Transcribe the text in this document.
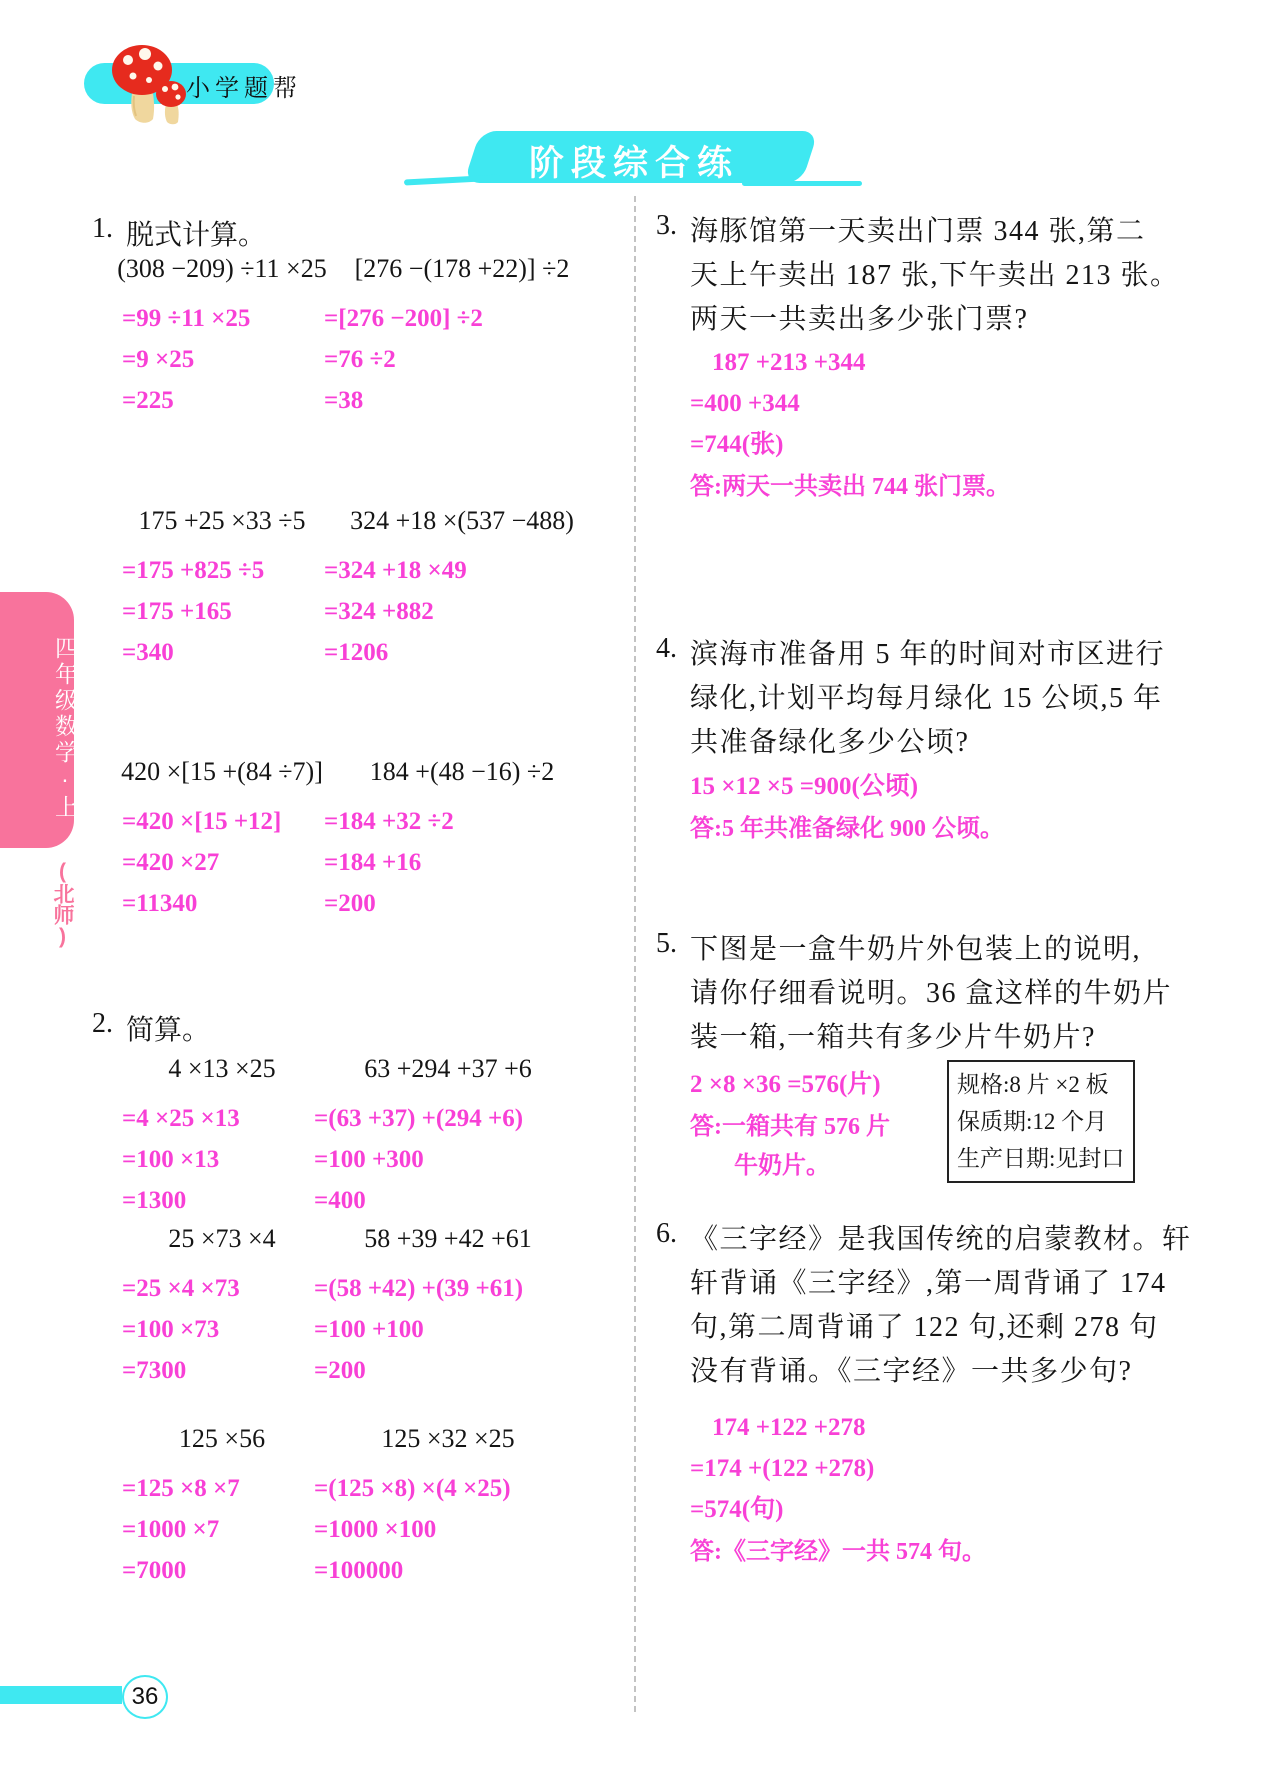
小学题帮
阶段综合练
四年级数学·上
(北师)
1. 脱式计算。
(308 −209) ÷11 ×25
=99 ÷11 ×25
=9 ×25
=225
[276 −(178 +22)] ÷2
=[276 −200] ÷2
=76 ÷2
=38
175 +25 ×33 ÷5
=175 +825 ÷5
=175 +165
=340
324 +18 ×(537 −488)
=324 +18 ×49
=324 +882
=1206
420 ×[15 +(84 ÷7)]
=420 ×[15 +12]
=420 ×27
=11340
184 +(48 −16) ÷2
=184 +32 ÷2
=184 +16
=200
2. 简算。
4 ×13 ×25
=4 ×25 ×13
=100 ×13
=1300
63 +294 +37 +6
=(63 +37) +(294 +6)
=100 +300
=400
25 ×73 ×4
=25 ×4 ×73
=100 ×73
=7300
58 +39 +42 +61
=(58 +42) +(39 +61)
=100 +100
=200
125 ×56
=125 ×8 ×7
=1000 ×7
=7000
125 ×32 ×25
=(125 ×8) ×(4 ×25)
=1000 ×100
=100000
3. 海豚馆第一天卖出门票 344 张,第二
天上午卖出 187 张,下午卖出 213 张。
两天一共卖出多少张门票?
187 +213 +344
=400 +344
=744(张)
答:两天一共卖出 744 张门票。
4. 滨海市准备用 5 年的时间对市区进行
绿化,计划平均每月绿化 15 公顷,5 年
共准备绿化多少公顷?
15 ×12 ×5 =900(公顷)
答:5 年共准备绿化 900 公顷。
5. 下图是一盒牛奶片外包装上的说明,
请你仔细看说明。36 盒这样的牛奶片
装一箱,一箱共有多少片牛奶片?
2 ×8 ×36 =576(片)
答:一箱共有 576 片
牛奶片。
规格:8 片 ×2 板
保质期:12 个月
生产日期:见封口
6. 《三字经》是我国传统的启蒙教材。轩
轩背诵《三字经》,第一周背诵了 174
句,第二周背诵了 122 句,还剩 278 句
没有背诵。《三字经》一共多少句?
174 +122 +278
=174 +(122 +278)
=574(句)
答:《三字经》一共 574 句。
36
